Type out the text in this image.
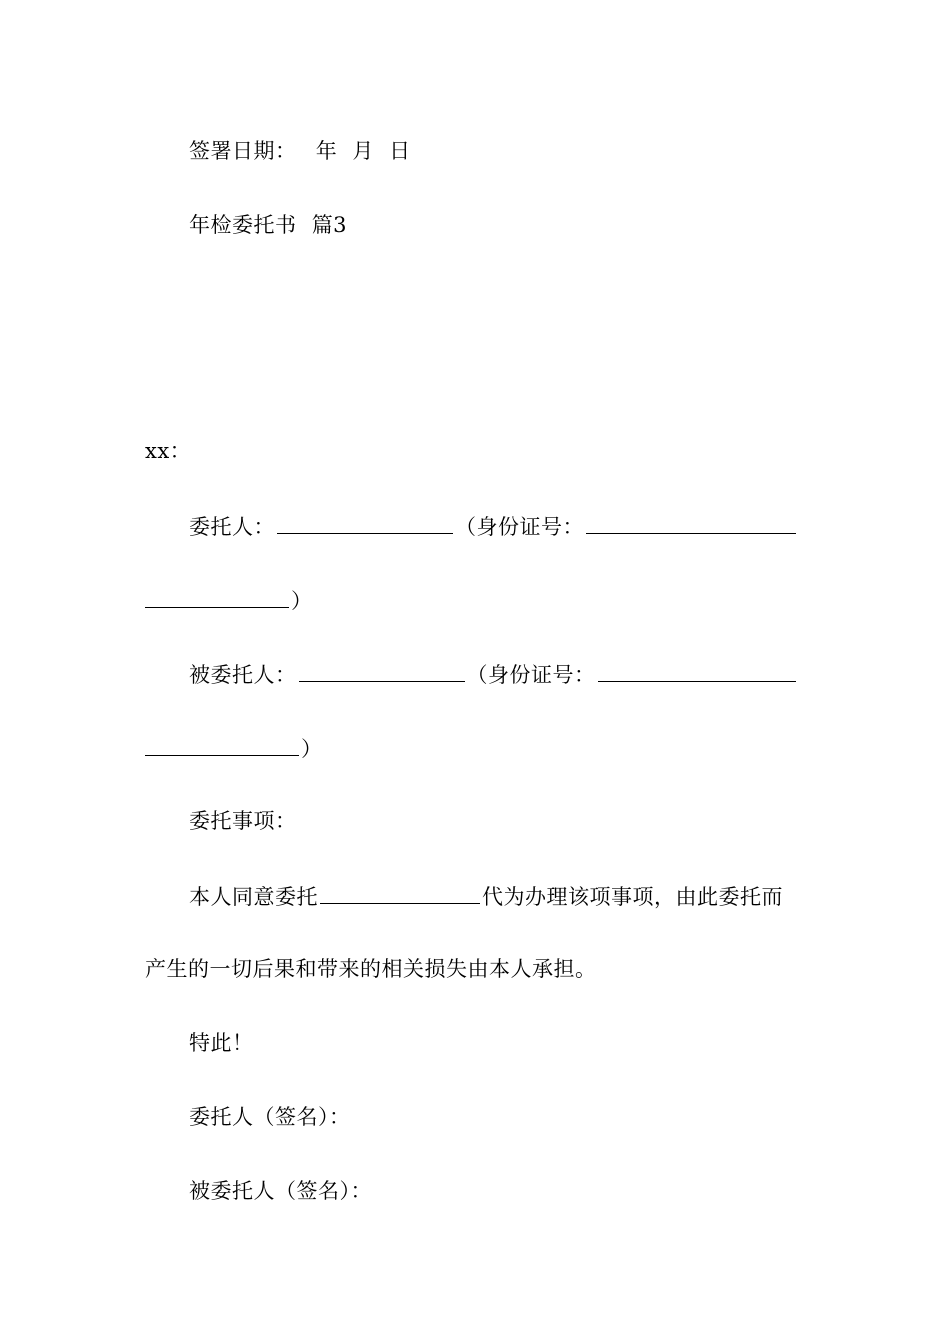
签署日期： 年 月 日
年检委托书 篇3
xx：
委托人：	（身份证号：
）
被委托人：	（身份证号：
）
委托事项：
本人同意委托	代为办理该项事项，由此委托而
产生的一切后果和带来的相关损失由本人承担。
特此！
委托人（签名）：
被委托人（签名）：
